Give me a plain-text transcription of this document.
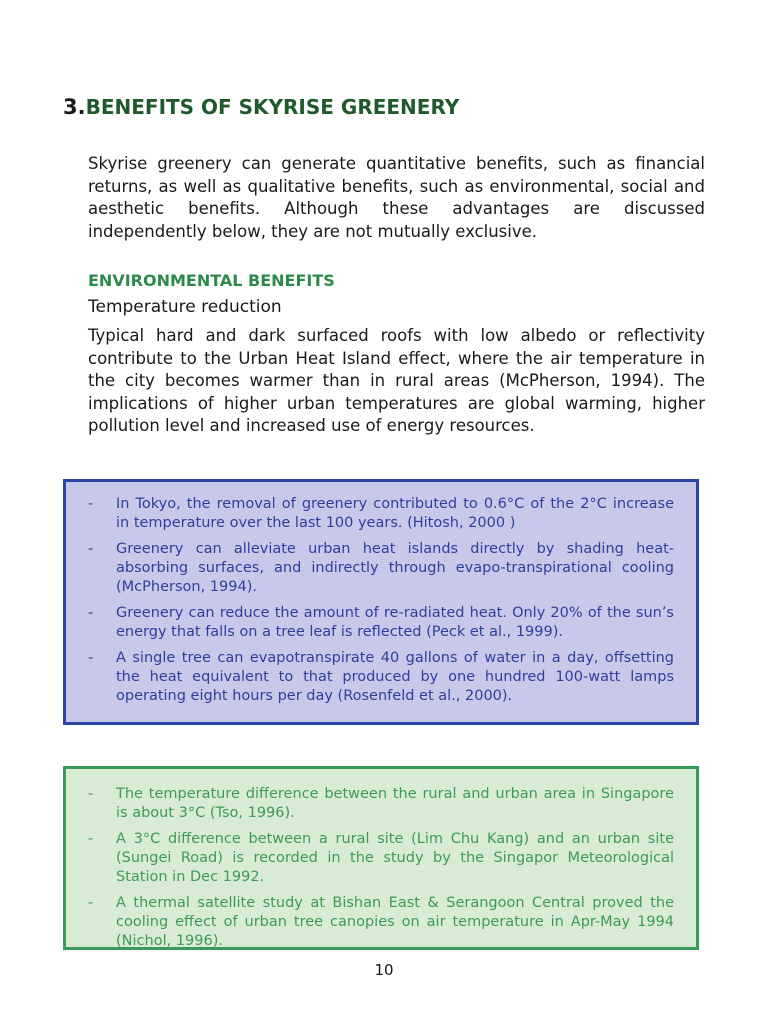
3.BENEFITS OF SKYRISE GREENERY

Skyrise greenery can generate quantitative benefits, such as financial returns, as well as qualitative benefits, such as environmental, social and aesthetic benefits. Although these advantages are discussed independently below, they are not mutually exclusive.

ENVIRONMENTAL BENEFITS
Temperature reduction

Typical hard and dark surfaced roofs with low albedo or reflectivity contribute to the Urban Heat Island effect, where the air temperature in the city becomes warmer than in rural areas (McPherson, 1994). The implications of higher urban temperatures are global warming, higher pollution level and increased use of energy resources.

- In Tokyo, the removal of greenery contributed to 0.6°C of the 2°C increase in temperature over the last 100 years. (Hitosh, 2000 )
- Greenery can alleviate urban heat islands directly by shading heat-absorbing surfaces, and indirectly through evapo-transpirational cooling (McPherson, 1994).
- Greenery can reduce the amount of re-radiated heat. Only 20% of the sun’s energy that falls on a tree leaf is reflected (Peck et al., 1999).
- A single tree can evapotranspirate 40 gallons of water in a day, offsetting the heat equivalent to that produced by one hundred 100-watt lamps operating eight hours per day (Rosenfeld et al., 2000).
- The temperature difference between the rural and urban area in Singapore is about 3°C (Tso, 1996).
- A 3°C difference between a rural site (Lim Chu Kang) and an urban site (Sungei Road) is recorded in the study by the Singapor Meteorological Station in Dec 1992.
- A thermal satellite study at Bishan East & Serangoon Central proved the cooling effect of urban tree canopies on air temperature in Apr-May 1994 (Nichol, 1996).
10
